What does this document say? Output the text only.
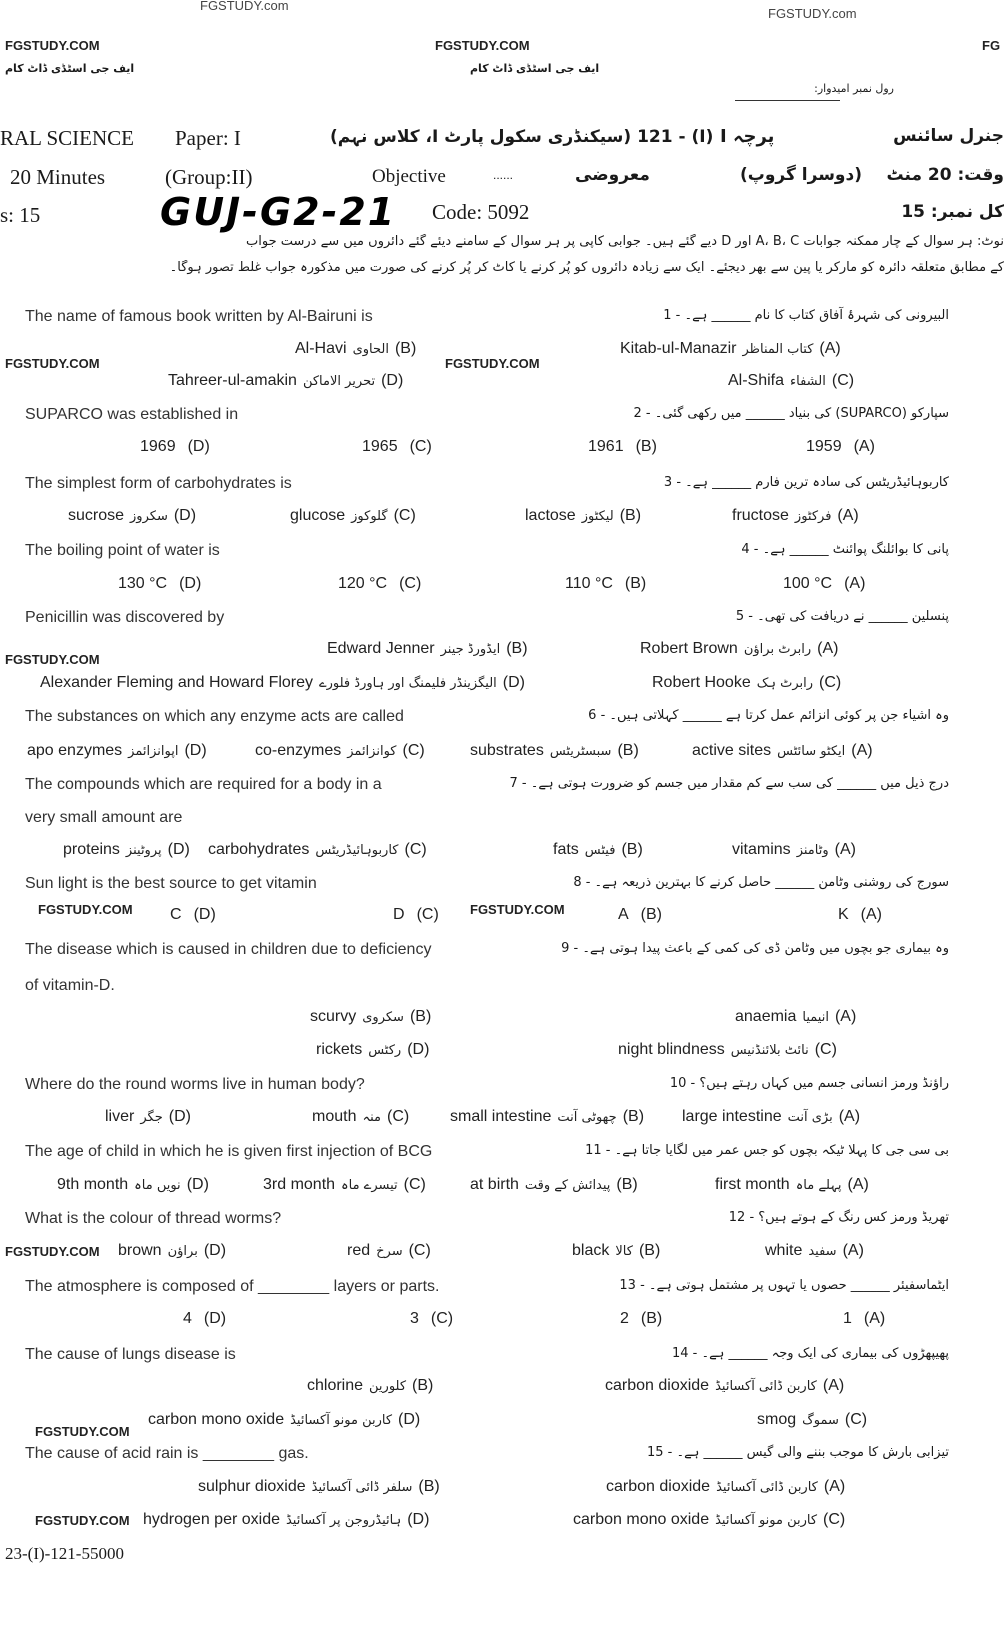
FGSTUDY.com
FGSTUDY.com
FGSTUDY.COM	FGSTUDY.COM	FG
ایف جی اسٹڈی ڈاٹ کام	ایف جی اسٹڈی ڈاٹ کام
FGSTUDY.COM	FGSTUDY.COM
FGSTUDY.COM
FGSTUDY.COM	FGSTUDY.COM
FGSTUDY.COM
FGSTUDY.COM
FGSTUDY.COM
رول نمبر امیدوار:
RAL SCIENCE Paper: I	(I) - 121 (سیکنڈری سکول پارٹ I، کلاس نہم) پرچہ I	جنرل سائنس
20 Minutes	(Group:II)	Objective	......	معروضی	(دوسرا گروپ) وقت: 20 منٹ
s: 15	GUJ-G2-21 Code: 5092	کل نمبر: 15
نوٹ: ہر سوال کے چار ممکنہ جوابات A، B، C اور D دیے گئے ہیں۔ جوابی کاپی پر ہر سوال کے سامنے دیئے گئے دائروں میں سے درست جواب
کے مطابق متعلقہ دائرہ کو مارکر یا پین سے بھر دیجئے۔ ایک سے زیادہ دائروں کو پُر کرنے یا کاٹ کر پُر کرنے کی صورت میں مذکورہ جواب غلط تصور ہوگا۔
The name of famous book written by Al-Bairuni is	البیرونی کی شہرۂ آفاق کتاب کا نام ______ ہے۔ - 1
Kitab-ul-Manazir کتاب المناظر (A)
Al-Havi الحاوی (B)
Al-Shifa الشفاء (C)
Tahreer-ul-amakin تحریر الاماکن (D)
SUPARCO was established in	سپارکو (SUPARCO) کی بنیاد ______ میں رکھی گئی۔ - 2
1959 (A)
1961 (B)
1965 (C)
1969 (D)
The simplest form of carbohydrates is	کاربوہائیڈریٹس کی سادہ ترین فارم ______ ہے۔ - 3
fructose فرکٹوز (A)
lactose لیکٹوز (B)
glucose گلوکوز (C)
sucrose سکروز (D)
The boiling point of water is	پانی کا بوائلنگ پوائنٹ ______ ہے۔ - 4
100 °C (A)
110 °C (B)
120 °C (C)
130 °C (D)
Penicillin was discovered by	پنسلین ______ نے دریافت کی تھی۔ - 5
Robert Brown رابرٹ براؤن (A)
Edward Jenner ایڈورڈ جینر (B)
Robert Hooke رابرٹ ہک (C)
Alexander Fleming and Howard Florey الیگزینڈر فلیمنگ اور ہاورڈ فلورے (D)
The substances on which any enzyme acts are called	وہ اشیاء جن پر کوئی انزائم عمل کرتا ہے ______ کہلاتی ہیں۔ - 6
active sites ایکٹو سائٹس (A)
substrates سبسٹریٹس (B)
co-enzymes کوانزائمز (C)
apo enzymes اپوانزائمز (D)
The compounds which are required for a body in a
very small amount are
درج ذیل میں ______ کی سب سے کم مقدار میں جسم کو ضرورت ہوتی ہے۔ - 7
vitamins وٹامنز (A)
fats فیٹس (B)
carbohydrates کاربوہائیڈریٹس (C)
proteins پروٹینز (D)
Sun light is the best source to get vitamin	سورج کی روشنی وٹامن ______ حاصل کرنے کا بہترین ذریعہ ہے۔ - 8
K (A)
A (B)
D (C)
C (D)
The disease which is caused in children due to deficiency
of vitamin-D.
وہ بیماری جو بچوں میں وٹامن ڈی کی کمی کے باعث پیدا ہوتی ہے۔ - 9
anaemia انیمیا (A)
scurvy سکروی (B)
night blindness نائٹ بلائنڈنیس (C)
rickets رکٹس (D)
Where do the round worms live in human body?	راؤنڈ ورمز انسانی جسم میں کہاں رہتے ہیں؟ - 10
large intestine بڑی آنت (A)
small intestine چھوٹی آنت (B)
mouth منہ (C)
liver جگر (D)
The age of child in which he is given first injection of BCG	بی سی جی کا پہلا ٹیکہ بچوں کو جس عمر میں لگایا جاتا ہے۔ - 11
first month پہلے ماہ (A)
at birth پیدائش کے وقت (B)
3rd month تیسرے ماہ (C)
9th month نویں ماہ (D)
What is the colour of thread worms?	تھریڈ ورمز کس رنگ کے ہوتے ہیں؟ - 12
white سفید (A)
black کالا (B)
red سرخ (C)
brown براؤن (D)
The atmosphere is composed of ________ layers or parts.	ایٹماسفیئر ______ حصوں یا تہوں پر مشتمل ہوتی ہے۔ - 13
1 (A)
2 (B)
3 (C)
4 (D)
The cause of lungs disease is	پھیپھڑوں کی بیماری کی ایک وجہ ______ ہے۔ - 14
carbon dioxide کاربن ڈائی آکسائیڈ (A)
chlorine کلورین (B)
smog سموگ (C)
carbon mono oxide کاربن مونو آکسائیڈ (D)
The cause of acid rain is ________ gas.	تیزابی بارش کا موجب بننے والی گیس ______ ہے۔ - 15
carbon dioxide کاربن ڈائی آکسائیڈ (A)
sulphur dioxide سلفر ڈائی آکسائیڈ (B)
carbon mono oxide کاربن مونو آکسائیڈ (C)
hydrogen per oxide ہائیڈروجن پر آکسائیڈ (D)
23-(I)-121-55000
